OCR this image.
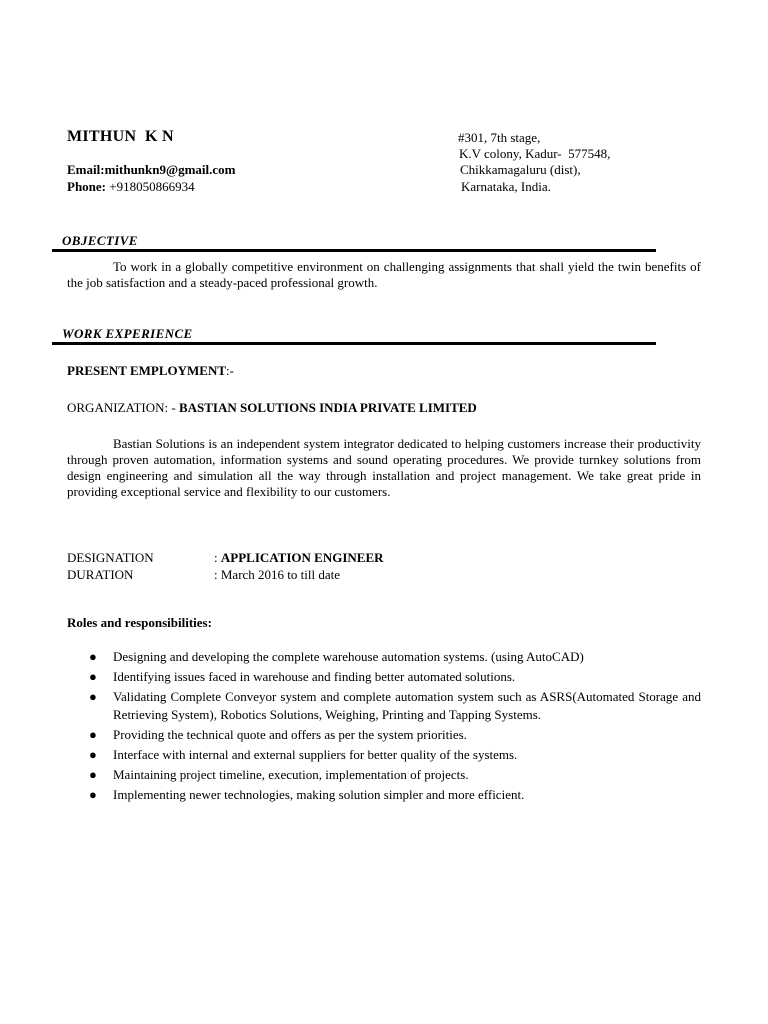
MITHUN  K N
Email:mithunkn9@gmail.com
Phone: +918050866934
#301, 7th stage,
K.V colony, Kadur-  577548,
Chikkamagaluru (dist),
Karnataka, India.
OBJECTIVE
To work in a globally competitive environment on challenging assignments that shall yield the twin benefits of the job satisfaction and a steady-paced professional growth.
WORK EXPERIENCE
PRESENT EMPLOYMENT:-
ORGANIZATION: - BASTIAN SOLUTIONS INDIA PRIVATE LIMITED
Bastian Solutions is an independent system integrator dedicated to helping customers increase their productivity through proven automation, information systems and sound operating procedures. We provide turnkey solutions from design engineering and simulation all the way through installation and project management. We take great pride in providing exceptional service and flexibility to our customers.
DESIGNATION	: APPLICATION ENGINEER
DURATION	: March 2016 to till date
Roles and responsibilities:
● Designing and developing the complete warehouse automation systems. (using AutoCAD)
● Identifying issues faced in warehouse and finding better automated solutions.
● Validating Complete Conveyor system and complete automation system such as ASRS(Automated Storage and Retrieving System), Robotics Solutions, Weighing, Printing and Tapping Systems.
● Providing the technical quote and offers as per the system priorities.
● Interface with internal and external suppliers for better quality of the systems.
● Maintaining project timeline, execution, implementation of projects.
● Implementing newer technologies, making solution simpler and more efficient.
